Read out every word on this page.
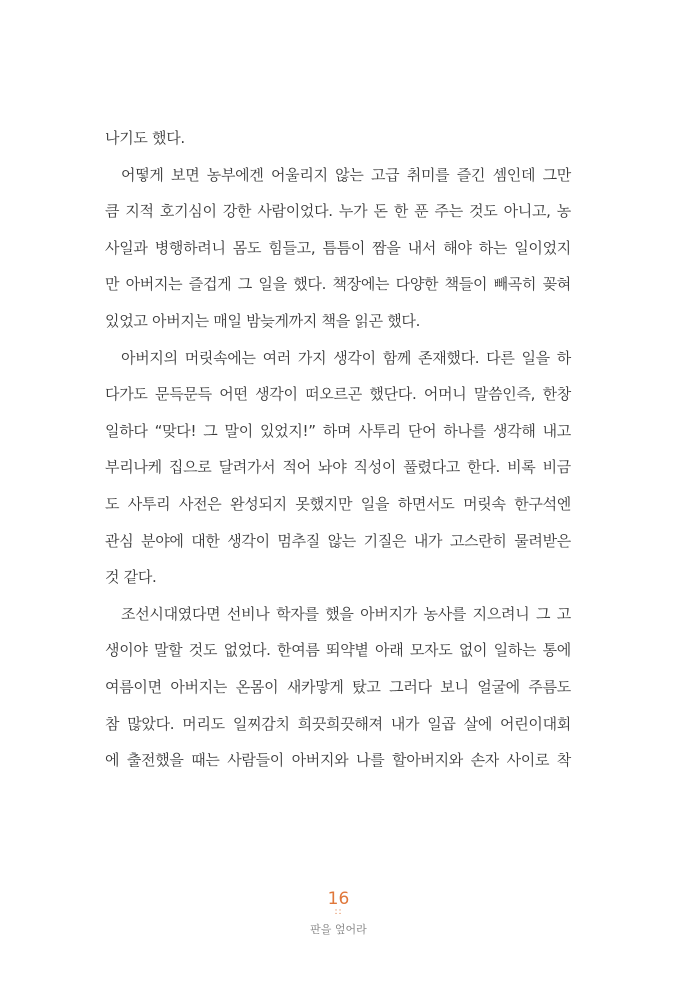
나기도 했다.
어떻게 보면 농부에겐 어울리지 않는 고급 취미를 즐긴 셈인데 그만
큼 지적 호기심이 강한 사람이었다. 누가 돈 한 푼 주는 것도 아니고, 농
사일과 병행하려니 몸도 힘들고, 틈틈이 짬을 내서 해야 하는 일이었지
만 아버지는 즐겁게 그 일을 했다. 책장에는 다양한 책들이 빼곡히 꽂혀
있었고 아버지는 매일 밤늦게까지 책을 읽곤 했다.
아버지의 머릿속에는 여러 가지 생각이 함께 존재했다. 다른 일을 하
다가도 문득문득 어떤 생각이 떠오르곤 했단다. 어머니 말씀인즉, 한창
일하다 “맞다! 그 말이 있었지!” 하며 사투리 단어 하나를 생각해 내고
부리나케 집으로 달려가서 적어 놔야 직성이 풀렸다고 한다. 비록 비금
도 사투리 사전은 완성되지 못했지만 일을 하면서도 머릿속 한구석엔
관심 분야에 대한 생각이 멈추질 않는 기질은 내가 고스란히 물려받은
것 같다.
조선시대였다면 선비나 학자를 했을 아버지가 농사를 지으려니 그 고
생이야 말할 것도 없었다. 한여름 뙤약볕 아래 모자도 없이 일하는 통에
여름이면 아버지는 온몸이 새카맣게 탔고 그러다 보니 얼굴에 주름도
참 많았다. 머리도 일찌감치 희끗희끗해져 내가 일곱 살에 어린이대회
에 출전했을 때는 사람들이 아버지와 나를 할아버지와 손자 사이로 착
16
::
판을 엎어라
